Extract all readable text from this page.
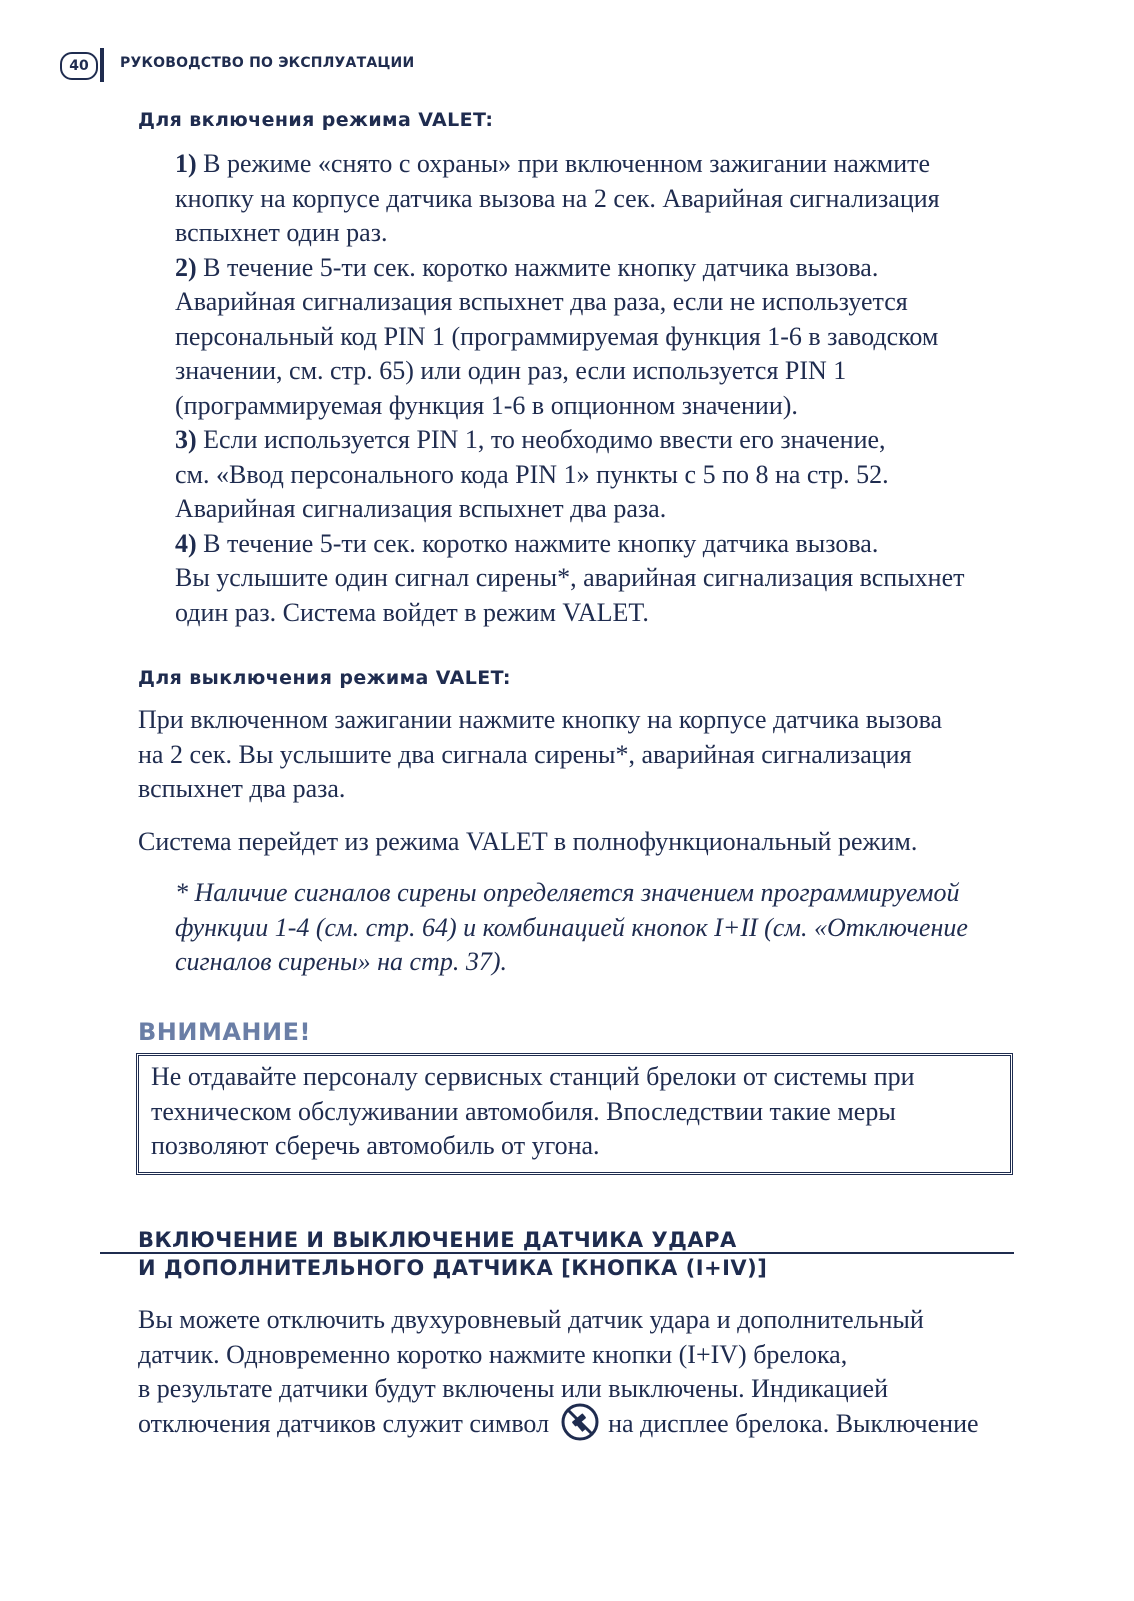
40	РУКОВОДСТВО ПО ЭКСПЛУАТАЦИИ
Для включения режима VALET:

1) В режиме «снято с охраны» при включенном зажигании нажмите

кнопку на корпусе датчика вызова на 2 сек. Аварийная сигнализация

вспыхнет один раз.

2) В течение 5-ти сек. коротко нажмите кнопку датчика вызова.

Аварийная сигнализация вспыхнет два раза, если не используется

персональный код PIN 1 (программируемая функция 1-6 в заводском

значении, см. стр. 65) или один раз, если используется PIN 1

(программируемая функция 1-6 в опционном значении).

3) Если используется PIN 1, то необходимо ввести его значение,

см. «Ввод персонального кода PIN 1» пункты с 5 по 8 на стр. 52.

Аварийная сигнализация вспыхнет два раза.

4) В течение 5-ти сек. коротко нажмите кнопку датчика вызова.

Вы услышите один сигнал сирены*, аварийная сигнализация вспыхнет

один раз. Система войдет в режим VALET.

Для выключения режима VALET:

При включенном зажигании нажмите кнопку на корпусе датчика вызова
на 2 сек. Вы услышите два сигнала сирены*, аварийная сигнализация
вспыхнет два раза.

Система перейдет из режима VALET в полнофункциональный режим.

* Наличие сигналов сирены определяется значением программируемой
функции 1-4 (см. стр. 64) и комбинацией кнопок I+II (см. «Отключение
сигналов сирены» на стр. 37).

ВНИМАНИЕ!

Не отдавайте персоналу сервисных станций брелоки от системы при
техническом обслуживании автомобиля. Впоследствии такие меры
позволяют сберечь автомобиль от угона.

ВКЛЮЧЕНИЕ И ВЫКЛЮЧЕНИЕ ДАТЧИКА УДАРА
И ДОПОЛНИТЕЛЬНОГО ДАТЧИКА [КНОПКА (I+IV)]

Вы можете отключить двухуровневый датчик удара и дополнительный
датчик. Одновременно коротко нажмите кнопки (I+IV) брелока,
в результате датчики будут включены или выключены. Индикацией
отключения датчиков служит символ на дисплее брелока. Выключение
